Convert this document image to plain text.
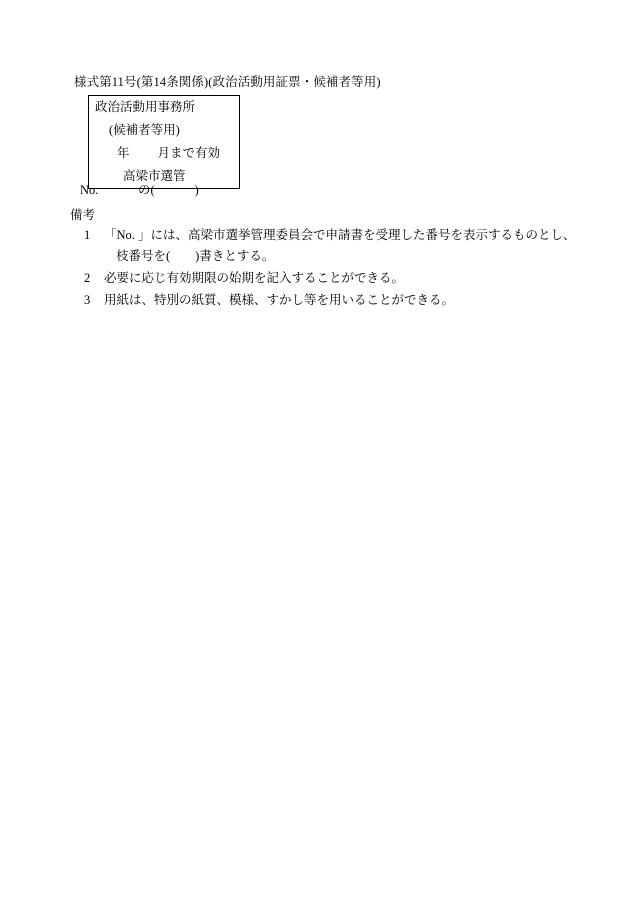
様式第11号(第14条関係)(政治活動用証票・候補者等用)
政治活動用事務所
(候補者等用)
年 月まで有効
高梁市選管
No.	の(	)
備考
1 「No. 」には、高梁市選挙管理委員会で申請書を受理した番号を表示するものとし、
枝番号を(　　)書きとする。
2 必要に応じ有効期限の始期を記入することができる。
3 用紙は、特別の紙質、模様、すかし等を用いることができる。
